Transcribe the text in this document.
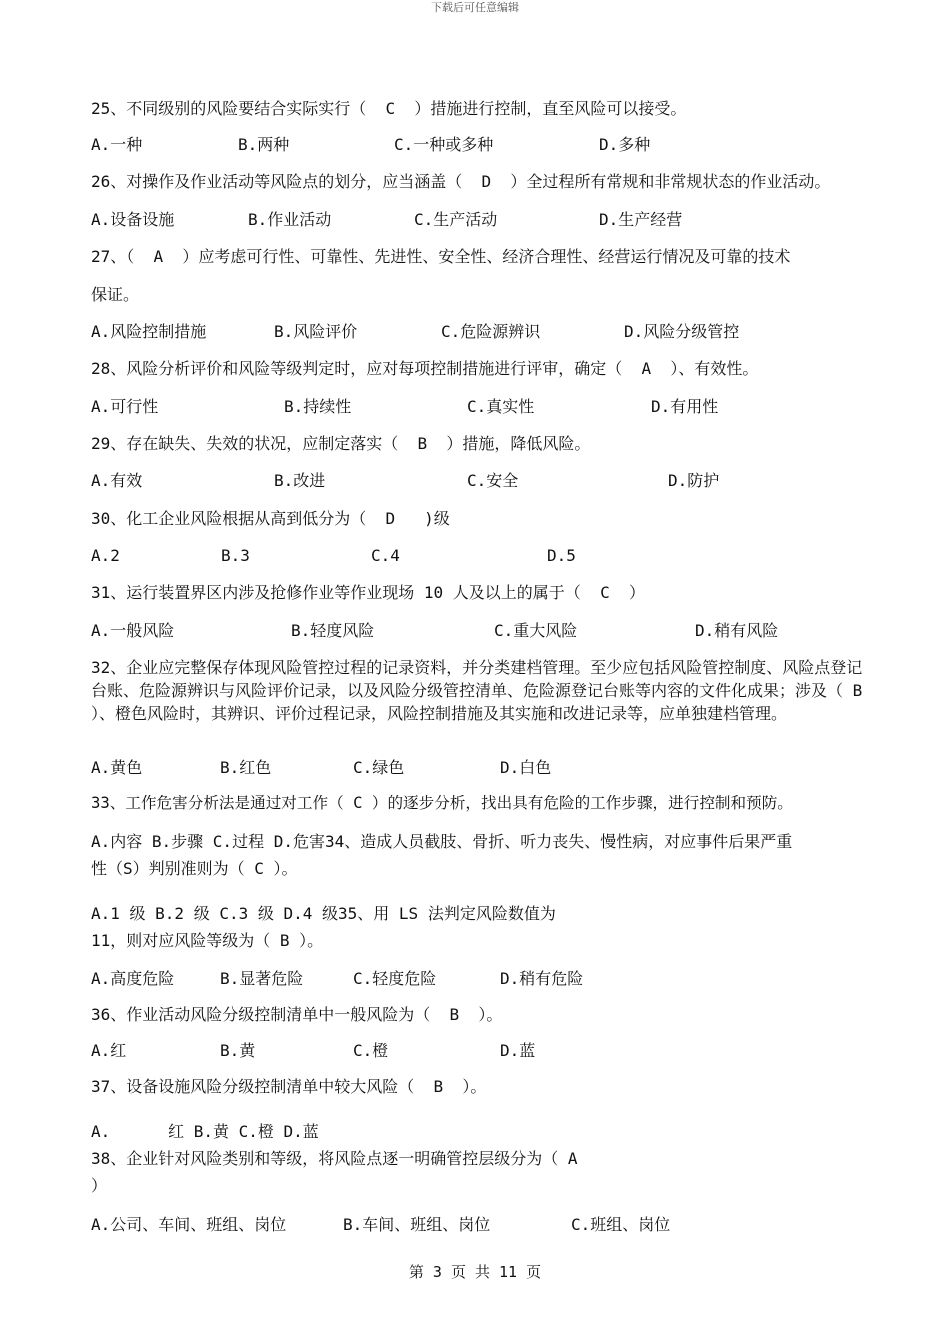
下载后可任意编辑
25、不同级别的风险要结合实际实行（  C  ）措施进行控制，直至风险可以接受。
A.一种	B.两种	C.一种或多种	D.多种
26、对操作及作业活动等风险点的划分，应当涵盖（  D  ）全过程所有常规和非常规状态的作业活动。
A.设备设施	B.作业活动	C.生产活动	D.生产经营
27、（  A  ）应考虑可行性、可靠性、先进性、安全性、经济合理性、经营运行情况及可靠的技术
保证。
A.风险控制措施	B.风险评价	C.危险源辨识	D.风险分级管控
28、风险分析评价和风险等级判定时，应对每项控制措施进行评审，确定（  A  ）、有效性。
A.可行性	B.持续性	C.真实性	D.有用性
29、存在缺失、失效的状况，应制定落实（  B  ）措施，降低风险。
A.有效	B.改进	C.安全	D.防护
30、化工企业风险根据从高到低分为（  D   )级
A.2	B.3	C.4	D.5
31、运行装置界区内涉及抢修作业等作业现场 10 人及以上的属于（  C  ）
A.一般风险	B.轻度风险	C.重大风险	D.稍有风险
32、企业应完整保存体现风险管控过程的记录资料，并分类建档管理。至少应包括风险管控制度、风险点登记台账、危险源辨识与风险评价记录，以及风险分级管控清单、危险源登记台账等内容的文件化成果；涉及（ B ）、橙色风险时，其辨识、评价过程记录，风险控制措施及其实施和改进记录等，应单独建档管理。
A.黄色	B.红色	C.绿色	D.白色
33、工作危害分析法是通过对工作（ C ）的逐步分析，找出具有危险的工作步骤，进行控制和预防。
A.内容 B.步骤 C.过程 D.危害34、造成人员截肢、骨折、听力丧失、慢性病，对应事件后果严重
性（S）判别准则为（ C ）。
A.1 级 B.2 级 C.3 级 D.4 级35、用 LS 法判定风险数值为
11，则对应风险等级为（ B ）。
A.高度危险	B.显著危险	C.轻度危险	D.稍有危险
36、作业活动风险分级控制清单中一般风险为（  B  ）。
A.红	B.黄	C.橙	D.蓝
37、设备设施风险分级控制清单中较大风险（  B  ）。
A.      红 B.黄 C.橙 D.蓝
38、企业针对风险类别和等级，将风险点逐一明确管控层级分为（ A
）
A.公司、车间、班组、岗位	B.车间、班组、岗位	C.班组、岗位
第 3 页 共 11 页
